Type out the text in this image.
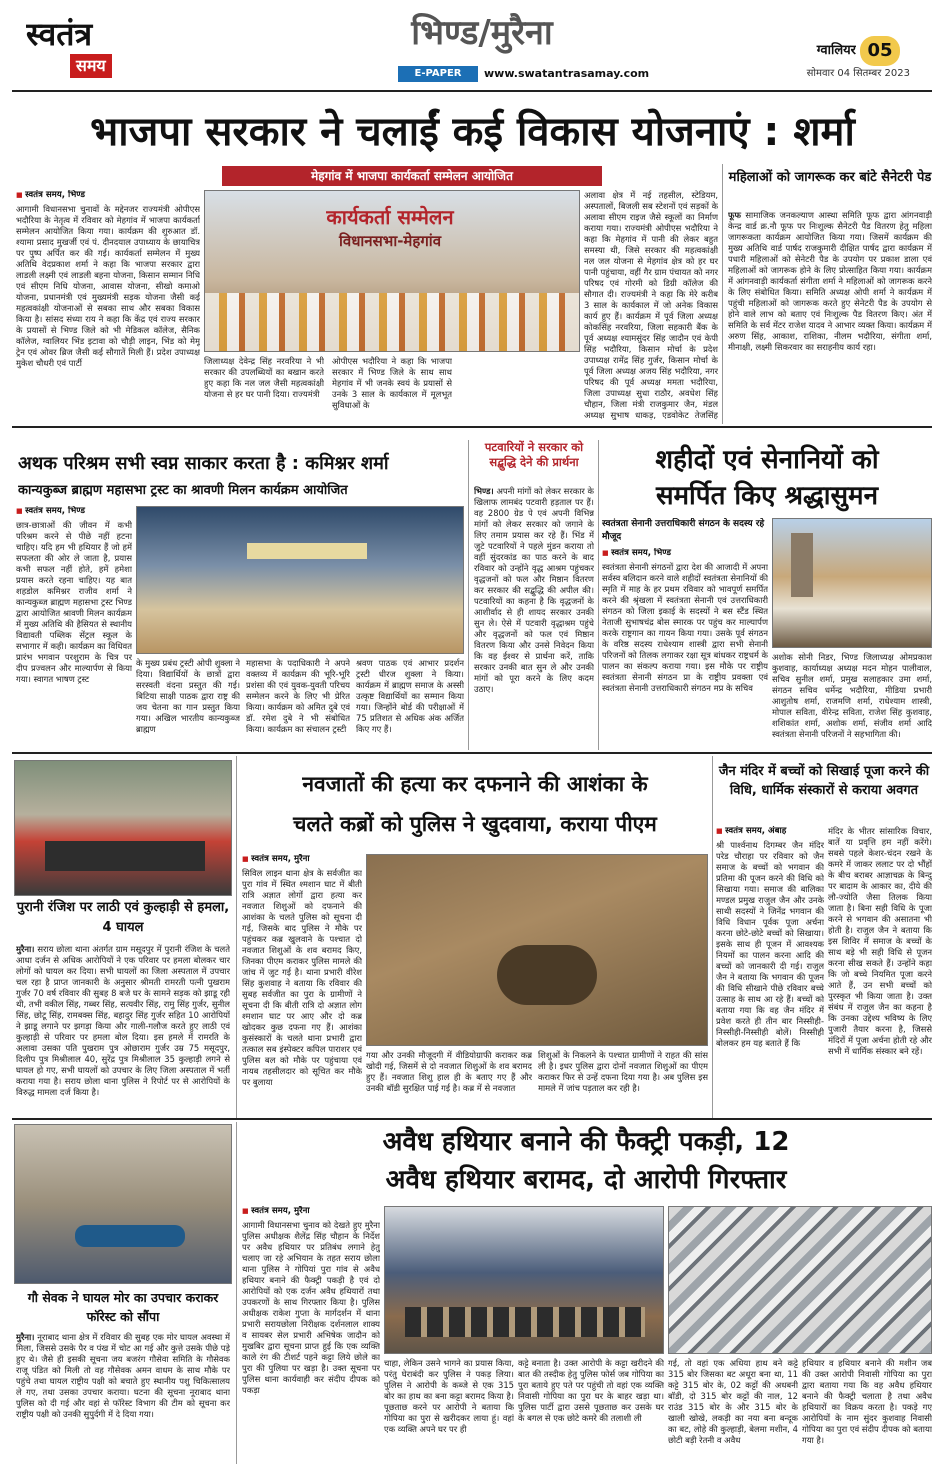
स्वतंत्र
समय
भिण्ड/मुरैना
E-PAPER	www.swatantrasamay.com
ग्वालियर 05
सोमवार 04 सितम्बर 2023
भाजपा सरकार ने चलाईं कई विकास योजनाएं : शर्मा
मेहगांव में भाजपा कार्यकर्ता सम्मेलन आयोजित
■ स्वतंत्र समय, भिण्ड
आगामी विधानसभा चुनावों के मद्देनजर राज्यमंत्री ओपीएस भदौरिया के नेतृत्व में रविवार को मेहगांव में भाजपा कार्यकर्ता सम्मेलन आयोजित किया गया। कार्यक्रम की शुरुआत डॉ. श्यामा प्रसाद मुखर्जी एवं पं. दीनदयाल उपाध्याय के छायाचित्र पर पुष्प अर्पित कर की गई। कार्यकर्ता सम्मेलन में मुख्य अतिथि वेदप्रकाश शर्मा ने कहा कि भाजपा सरकार द्वारा लाडली लक्ष्मी एवं लाडली बहना योजना, किसान सम्मान निधि एवं सीएम निधि योजना, आवास योजना, सीखो कमाओ योजना, प्रधानमंत्री एवं मुख्यमंत्री सड़क योजना जैसी कई महत्वकांक्षी योजनाओं से सबका साथ और सबका विकास किया है। सांसद संध्या राय ने कहा कि केंद्र एवं राज्य सरकार के प्रयासों से भिण्ड जिले को भी मेडिकल कॉलेज, सैनिक कॉलेज, ग्वालियर भिंड इटावा को चौड़ी लाइन, भिंड को मेमू ट्रेन एवं ओवर ब्रिज जैसी कई सौगातें मिली हैं। प्रदेश उपाध्यक्ष मुकेश चौधरी एवं पार्टी
कार्यकर्ता सम्मेलन
विधानसभा-मेहगांव
जिलाध्यक्ष देवेन्द्र सिंह नरवरिया ने भी सरकार की उपलब्धियों का बखान करते हुए कहा कि नल जल जैसी महत्वकांक्षी योजना से हर घर पानी दिया। राज्यमंत्री
ओपीएस भदौरिया ने कहा कि भाजपा सरकार में भिण्ड जिले के साथ साथ मेहगांव में भी जनके स्वयं के प्रयासों से उनके 3 साल के कार्यकाल में मूलभूत सुविधाओं के
अलावा क्षेत्र में नई तहसील, स्टेडियम, अस्पतालों, बिजली सब स्टेशनों एवं सड़कों के अलावा सीएम राइज जैसे स्कूलों का निर्माण कराया गया। राज्यमंत्री ओपीएस भदौरिया ने कहा कि मेहगांव में पानी की लेकर बहुत समस्या थी, जिसे सरकार की महत्वकांक्षी नल जल योजना से मेहगांव क्षेत्र को हर घर पानी पहुंचाया, वहीं गैर ग्राम पंचायत को नगर परिषद एवं गोरमी को डिग्री कॉलेज की सौगात दी। राज्यमंत्री ने कहा कि मेरे करीब 3 साल के कार्यकाल में जो अनेक विकास कार्य हुए हैं। कार्यक्रम में पूर्व जिला अध्यक्ष कोकसिंह नरवरिया, जिला सहकारी बैंक के पूर्व अध्यक्ष श्यामसुंदर सिंह जादौन एवं केपी सिंह भदौरिया, किसान मोर्चा के प्रदेश उपाध्यक्ष रामेंद्र सिंह गुर्जर, किसान मोर्चा के पूर्व जिला अध्यक्ष अजय सिंह भदौरिया, नगर परिषद की पूर्व अध्यक्ष ममता भदौरिया, जिला उपाध्यक्ष सुधा राठौर, अवधेश सिंह चौहान, जिला मंत्री राजकुमार जैन, मंडल अध्यक्ष सुभाष धाकड़, एडवोकेट तेजसिंह
महिलाओं को जागरूक कर बांटे सैनेटरी पेड
फूफ सामाजिक जनकल्याण आस्था समिति फूफ द्वारा आंगनवाड़ी केन्द्र वार्ड क्र.नौ फूफ पर निःशुल्क सैनेटरी पैड वितरण हेतु महिला जागरूकता कार्यक्रम आयोजित किया गया। जिसमें कार्यक्रम की मुख्य अतिथि वार्ड पार्षद राजकुमारी दीक्षित पार्षद द्वारा कार्यक्रम में पधारी महिलाओं को सेनेटरी पैड के उपयोग पर प्रकाश डाला एवं महिलाओं को जागरूक होने के लिए प्रोत्साहित किया गया। कार्यक्रम में आंगनवाड़ी कार्यकर्ता संगीता शर्मा ने महिलाओं को जागरूक करने के लिए संबोधित किया। समिति अध्यक्ष ओपी शर्मा ने कार्यक्रम में पहुंची महिलाओं को जागरूक करते हुए सेनेटरी पैड के उपयोग से होने वाले लाभ को बताए एवं निःशुल्क पैड वितरण किए। अंत में समिति के सर्व मेंटर राजेश यादव ने आभार व्यक्त किया। कार्यक्रम में अरुण सिंह, आकाश, राशिका, नीलम भदौरिया, संगीता शर्मा, मीनाक्षी, लक्ष्मी सिकरवार का सराहनीय कार्य रहा।
अथक परिश्रम सभी स्वप्न साकार करता है : कमिश्नर शर्मा
कान्यकुब्ज ब्राह्मण महासभा ट्रस्ट का श्रावणी मिलन कार्यक्रम आयोजित
■ स्वतंत्र समय, भिण्ड
छात्र-छात्राओं की जीवन में कभी परिश्रम करने से पीछे नहीं हटना चाहिए। यदि हम भी हथियार हैं जो हमें सफलता की ओर ले जाता है, प्रयास कभी सफल नहीं होते, हमें हमेशा प्रयास करते रहना चाहिए। यह बात शहडोल कमिश्नर राजीव शर्मा ने कान्यकुब्ज ब्राह्मण महासभा ट्रस्ट भिण्ड द्वारा आयोजित श्रावणी मिलन कार्यक्रम में मुख्य अतिथि की हैसियत से स्थानीय विद्यावती पब्लिक सेंट्रल स्कूल के सभागार में कही। कार्यक्रम का विधिवत प्रारंभ भगवान परशुराम के चित्र पर दीप प्रज्वलन और माल्यार्पण से किया गया। स्वागत भाषण ट्रस्ट
के मुख्य प्रबंध ट्रस्टी ओपी शुक्ला ने दिया। विद्यार्थियों के छात्रों द्वारा सरस्वती वंदना प्रस्तुत की गई। बिटिया साक्षी पाठक द्वारा राष्ट्र की जय चेतना का गान प्रस्तुत किया गया। अखिल भारतीय कान्यकुब्ज ब्राह्मण
महासभा के पदाधिकारी ने अपने वक्तव्य में कार्यक्रम की भूरि-भूरि प्रशंसा की एवं युवक-युवती परिचय सम्मेलन करने के लिए भी प्रेरित किया। कार्यक्रम को अमित दुबे एवं डॉ. रमेश दुबे ने भी संबोधित किया। कार्यक्रम का संचालन ट्रस्टी
श्रवण पाठक एवं आभार प्रदर्शन ट्रस्टी धीरज शुक्ला ने किया। कार्यक्रम में ब्राह्मण समाज के अस्सी उत्कृष्ट विद्यार्थियों का सम्मान किया गया। जिन्होंने बोर्ड की परीक्षाओं में 75 प्रतिशत से अधिक अंक अर्जित किए गए हैं।
पटवारियों ने सरकार को सद्बुद्धि देने की प्रार्थना
भिण्ड। अपनी मांगों को लेकर सरकार के खिलाफ लामबंद पटवारी हड़ताल पर हैं। वह 2800 ग्रेड पे एवं अपनी विभिन्न मांगों को लेकर सरकार को जगाने के लिए तमाम प्रयास कर रहे हैं। भिंड में जुटे पटवारियों ने पहले मुंडन कराया तो वहीं सुंदरकांड का पाठ करने के बाद रविवार को उन्होंने वृद्ध आश्रम पहुंचकर वृद्धजनों को फल और मिष्ठान वितरण कर सरकार की सद्बुद्धि की अपील की। पटवारियों का कहना है कि वृद्धजनों के आशीर्वाद से ही शायद सरकार उनकी सुन ले। ऐसे में पटवारी वृद्धाश्रम पहुंचे और वृद्धजनों को फल एवं मिष्ठान वितरण किया और उनसे निवेदन किया कि वह ईश्वर से प्रार्थना करें, ताकि सरकार उनकी बात सुन ले और उनकी मांगों को पूरा करने के लिए कदम उठाए।
शहीदों एवं सेनानियों को
समर्पित किए श्रद्धासुमन
स्वतंत्रता सेनानी उत्तराधिकारी संगठन के सदस्य रहे मौजूद
■ स्वतंत्र समय, भिण्ड
स्वतंत्रता सेनानी संगठनों द्वारा देश की आजादी में अपना सर्वस्व बलिदान करने वाले शहीदों स्वतंत्रता सेनानियों की स्मृति में माह के हर प्रथम रविवार को भावपूर्ण समर्पित करने की श्रृंखला में स्वतंत्रता सेनानी एवं उत्तराधिकारी संगठन को जिला इकाई के सदस्यों ने बस स्टैंड स्थित नेताजी सुभाषचंद्र बोस स्मारक पर पहुंच कर माल्यार्पण करके राष्ट्रगान का गायन किया गया। उसके पूर्व संगठन के वरिष्ठ सदस्य राधेश्याम शास्त्री द्वारा सभी सेनानी परिजनों को तिलक लगाकर रक्षा सूत्र बांधकर राष्ट्रधर्म के पालन का संकल्प कराया गया। इस मौके पर राष्ट्रीय स्वतंत्रता सेनानी संगठन प्रा के राष्ट्रीय प्रवक्ता एवं स्वतंत्रता सेनानी उत्तराधिकारी संगठन मप्र के सचिव
अशोक सोनी निडर, भिण्ड जिलाध्यक्ष ओमप्रकाश कुशवाह, कार्याध्यक्ष अध्यक्ष मदन मोहन पालीवाल, सचिव सुनील शर्मा, प्रमुख सलाहकार उमा शर्मा, संगठन सचिव धर्मेन्द्र भदौरिया, मीडिया प्रभारी आशुतोष शर्मा, राजमणि शर्मा, राधेश्याम शास्त्री, मोपाल सविता, वीरेन्द्र सविता, राजेश सिंह कुशवाह, शशिकांत शर्मा, अशोक शर्मा, संजीव शर्मा आदि स्वतंत्रता सेनानी परिजनों ने सहभागिता की।
पुरानी रंजिश पर लाठी एवं कुल्हाड़ी से हमला, 4 घायल
मुरैना। सराय छोला थाना अंतर्गत ग्राम मसूदपुर में पुरानी रंजिश के चलते आधा दर्जन से अधिक आरोपियों ने एक परिवार पर हमला बोलकर चार लोगों को घायल कर दिया। सभी घायलों का जिला अस्पताल में उपचार चल रहा है प्राप्त जानकारी के अनुसार श्रीमती रामरती पत्नी पुखराम गुर्जर 70 वर्ष रविवार की सुबह 8 बजे घर के सामने सड़क को झाडू रही थी, तभी वकील सिंह, गब्बर सिंह, सत्यवीर सिंह, रामु सिंह गुर्जर, सुनील सिंह, छोटू सिंह, रामबक्स सिंह, बहादुर सिंह गुर्जर सहित 10 आरोपियों ने झाडू लगाने पर झगड़ा किया और गाली-गलौज करते हुए लाठी एवं कुल्हाड़ी से परिवार पर हमला बोल दिया। इस हमले में रामरति के अलावा उसका पति पुखराम पुत्र ओछाराम गुर्जर उम्र 75 मसूदपुर, दिलीप पुत्र मिश्रीलाल 40, सुरेंद्र पुत्र मिश्रीलाल 35 कुल्हाड़ी लगने से घायल हो गए, सभी घायलों को उपचार के लिए जिला अस्पताल में भर्ती कराया गया है। सराय छोला थाना पुलिस ने रिपोर्ट पर से आरोपियों के विरुद्ध मामला दर्ज किया है।
नवजातों की हत्या कर दफनाने की आशंका के
चलते कब्रों को पुलिस ने खुदवाया, कराया पीएम
■ स्वतंत्र समय, मुरैना
सिविल लाइन थाना क्षेत्र के सर्वजीत का पुरा गांव में स्थित श्मशान घाट में बीती रात्रि अज्ञात लोगों द्वारा हत्या कर नवजात शिशुओं को दफनाने की आशंका के चलते पुलिस को सूचना दी गई, जिसके बाद पुलिस ने मौके पर पहुंचकर कब्र खुलवाने के पश्चात दो नवजात शिशुओं के शव बरामद किए, जिनका पीएम कराकर पुलिस मामले की जांच में जुट गई है। थाना प्रभारी वीरेश सिंह कुशवाह ने बताया कि रविवार की सुबह सर्वजीत का पुरा के ग्रामीणों ने सूचना दी कि बीती रात्रि दो अज्ञात लोग श्मशान घाट पर आए और दो कब्र खोदकर कुछ दफना गए हैं। आशंका कुसंस्कारों के चलते थाना प्रभारी द्वारा तत्काल सब इंस्पेक्टर कपिल पाराशर एवं पुलिस बल को मौके पर पहुंचाया एवं नायब तहसीलदार को सूचित कर मौके पर बुलाया
गया और उनकी मौजूदगी में वीडियोग्राफी कराकर कब्र खोदी गई, जिसमें से दो नवजात शिशुओं के शव बरामद हुए हैं। नवजात शिशु हाल ही के बताए गए हैं और उनकी बॉडी सुरक्षित पाई गई है। कब्र में से नवजात
शिशुओं के निकलने के पश्चात ग्रामीणों ने राहत की सांस ली है। इधर पुलिस द्वारा दोनों नवजात शिशुओं का पीएम कराकर फिर से उन्हें दफना दिया गया है। अब पुलिस इस मामले में जांच पड़ताल कर रही है।
जैन मंदिर में बच्चों को सिखाई पूजा करने की विधि, धार्मिक संस्कारों से कराया अवगत
■ स्वतंत्र समय, अंबाह
श्री पार्श्वनाथ दिगम्बर जैन मंदिर परेड चौराहा पर रविवार को जैन समाज के बच्चों को भगवान की प्रतिमा की पूजन करने की विधि को सिखाया गया। समाज की बालिका मण्डल प्रमुख राजुल जैन और उनके साथी सदस्यों ने जिनेंद्र भगवान की विधि विधान पूर्वक पूजा अर्चना करना छोटे-छोटे बच्चों को सिखाया। इसके साथ ही पूजन में आवश्यक नियमों का पालन करना आदि की बच्चों को जानकारी दी गई। राजुल जैन ने बताया कि भगवान की पूजन की विधि सीखाने पीछे रविवार बच्चे उत्साह के साथ आ रहे हैं। बच्चों को बताया गया कि वह जैन मंदिर में प्रवेश करते ही तीन बार निस्सीही-निस्सीही-निस्सीही बोलें। निस्सीही बोलकर हम यह बताते हैं कि
मंदिर के भीतर सांसारिक विचार, बातें या प्रवृत्ति हम नहीं करेंगे। सबसे पहले केशर-चंदन रखने के कमरे में जाकर ललाट पर दो भौंहों के बीच बराबर आज्ञाचक्र के बिन्दु पर बादाम के आकार का, दीये की लौ-ज्योति जैसा तिलक किया जाता है। बिना सही विधि के पूजा करने से भगवान की असातना भी होती है। राजुल जैन ने बताया कि इस शिविर में समाज के बच्चों के साथ बड़े भी सही विधि से पूजन करना सीख सकते हैं। उन्होंने कहा कि जो बच्चे नियमित पूजा करने आते हैं, उन सभी बच्चों को पुरस्कृत भी किया जाता है। उक्त संबंध में राजुल जैन का कहना है कि उनका उद्देश्य भविष्य के लिए पुजारी तैयार करना है, जिससे मंदिरों में पूजा अर्चना होती रहे और सभी में धार्मिक संस्कार बने रहें।
गौ सेवक ने घायल मोर का उपचार कराकर फॉरेस्ट को सौंपा
मुरैना। नूराबाद थाना क्षेत्र में रविवार की सुबह एक मोर घायल अवस्था में मिला, जिससे उसके पैर व पंख में चोट आ गई और कुत्ते उसके पीछे पड़े हुए थे। जैसे ही इसकी सूचना जय बजरंग गौसेवा समिति के गौसेवक राजू पंडित को मिली तो वह गौसेवक अमन वाधम के साथ मौके पर पहुंचे तथा घायल राष्ट्रीय पक्षी को बचाते हुए स्थानीय पशु चिकित्सालय ले गए, तथा उसका उपचार कराया। घटना की सूचना नूराबाद थाना पुलिस को दी गई और वहां से फॉरेस्ट विभाग की टीम को सूचना कर राष्ट्रीय पक्षी को उनकी सुपुर्दगी में दे दिया गया।
अवैध हथियार बनाने की फैक्ट्री पकड़ी, 12
अवैध हथियार बरामद, दो आरोपी गिरफ्तार
■ स्वतंत्र समय, मुरैना
आगामी विधानसभा चुनाव को देखते हुए मुरैना पुलिस अधीक्षक शैलेंद्र सिंह चौहान के निर्देश पर अवैध हथियार पर प्रतिबंध लगाने हेतु चलाए जा रहे अभियान के तहत सराय छोला थाना पुलिस ने गोपियां पुरा गांव से अवैध हथियार बनाने की फैक्ट्री पकड़ी है एवं दो आरोपियों को एक दर्जन अवैध हथियारों तथा उपकरणों के साथ गिरफ्तार किया है। पुलिस अधीक्षक राकेश गुप्ता के मार्गदर्शन में थाना प्रभारी सरायछोला निरीक्षक दर्शनलाल शाक्य व सायबर सेल प्रभारी अभिषेक जादौन को मुखबिर द्वारा सूचना प्राप्त हुई कि एक व्यक्ति काले रंग की टीशर्ट पहने कट्टा लिये छोले का पुरा की पुलिया पर खड़ा है। उक्त सूचना पर पुलिस थाना कार्यवाही कर संदीप दीपक को पकड़ा
चाहा, लेकिन उसने भागने का प्रयास किया, परंतु घेराबंदी कर पुलिस ने पकड़ लिया। पुलिस ने आरोपी के कब्जे से एक 315 बोर का हाथ का बना कट्टा बरामद किया है। पूछताछ करने पर आरोपी ने बताया कि गोपिया का पुरा से खरीदकर लाया हूं। वहां एक व्यक्ति अपने घर पर ही
कट्टे बनाता है। उक्त आरोपी के कट्टा खरीदने की बात की तस्दीक हेतु पुलिस फोर्स जब गोपिया का पुरा बताये हुए पते पर पहुंची तो वहां एक व्यक्ति निवासी गोपिया का पुरा घर के बाहर खड़ा था। पुलिस पार्टी द्वारा उससे पूछताछ कर उसके घर के बगल से एक छोटे कमरे की तलाशी ली
गई, तो वहां एक अधिया हाथ बने कट्टे 315 बोर जिसका बट अधूरा बना था, 11 कट्टे 315 बोर के, 02 कट्टों की अधबनी बॉडी, दो 315 बोर कट्टों की नाल, 12 राउंड 315 बोर के और 315 बोर के खाली खोखे, लकड़ी का नया बना बन्दूक का बट, लोहे की कुल्हाड़ी, बेलमा मशीन, 4 छोटी बड़ी रेतनी व अवैध
हथियार व हथियार बनाने की मशीन जब की उक्त आरोपी निवासी गोपिया का पुरा द्वारा बताया गया कि वह अवैध हथियार बनाने की फैक्ट्री चलाता है तथा अवैध हथियारों का विक्रय करता है। पकड़े गए आरोपियों के नाम सुंदर कुशवाह निवासी गोपिया का पुरा एवं संदीप दीपक को बताया गया है।
